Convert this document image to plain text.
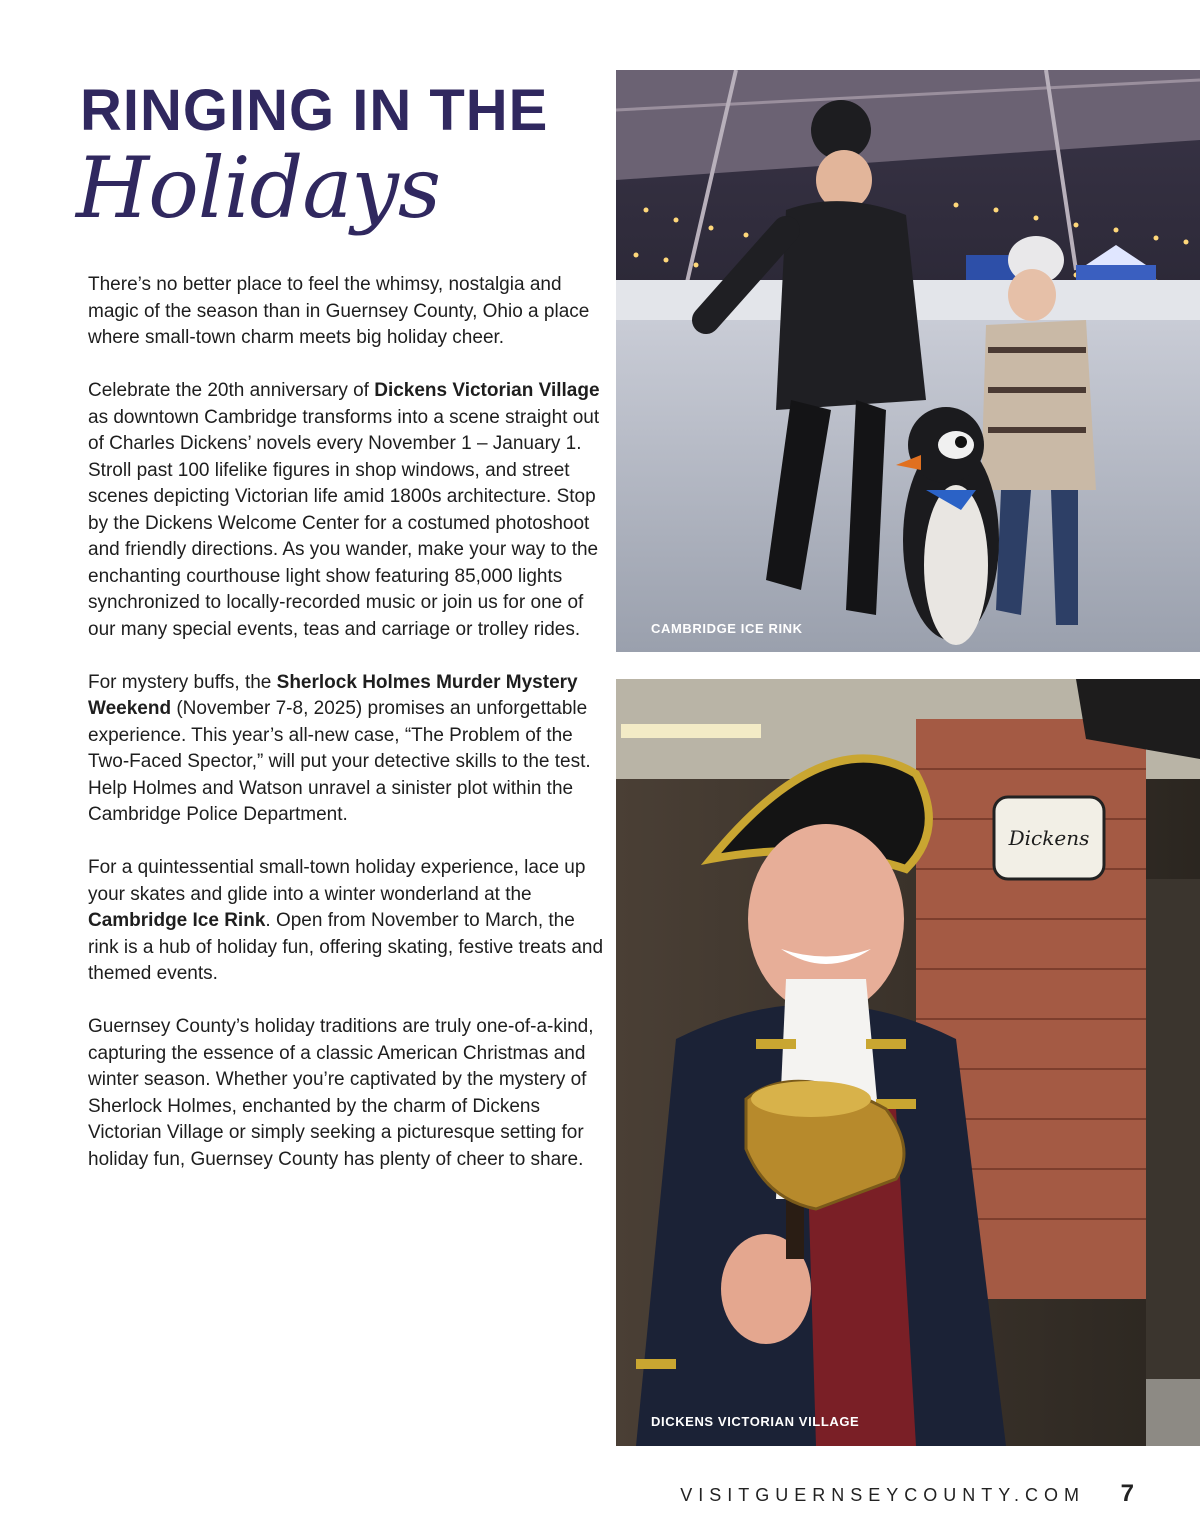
RINGING IN THE
Holidays

There’s no better place to feel the whimsy, nostalgia and magic of the season than in Guernsey County, Ohio a place where small-town charm meets big holiday cheer.

Celebrate the 20th anniversary of Dickens Victorian Village as downtown Cambridge transforms into a scene straight out of Charles Dickens’ novels every November 1 – January 1. Stroll past 100 lifelike figures in shop windows, and street scenes depicting Victorian life amid 1800s architecture. Stop by the Dickens Welcome Center for a costumed photoshoot and friendly directions. As you wander, make your way to the enchanting courthouse light show featuring 85,000 lights synchronized to locally-recorded music or join us for one of our many special events, teas and carriage or trolley rides.

For mystery buffs, the Sherlock Holmes Murder Mystery Weekend (November 7-8, 2025) promises an unforgettable experience. This year’s all-new case, “The Problem of the Two-Faced Spector,” will put your detective skills to the test. Help Holmes and Watson unravel a sinister plot within the Cambridge Police Department.

For a quintessential small-town holiday experience, lace up your skates and glide into a winter wonderland at the Cambridge Ice Rink. Open from November to March, the rink is a hub of holiday fun, offering skating, festive treats and themed events.

Guernsey County’s holiday traditions are truly one-of-a-kind, capturing the essence of a classic American Christmas and winter season. Whether you’re captivated by the mystery of Sherlock Holmes, enchanted by the charm of Dickens Victorian Village or simply seeking a picturesque setting for holiday fun, Guernsey County has plenty of cheer to share.

CAMBRIDGE ICE RINK
Dickens
DICKENS VICTORIAN VILLAGE
VISITGUERNSEYCOUNTY.COM 7
